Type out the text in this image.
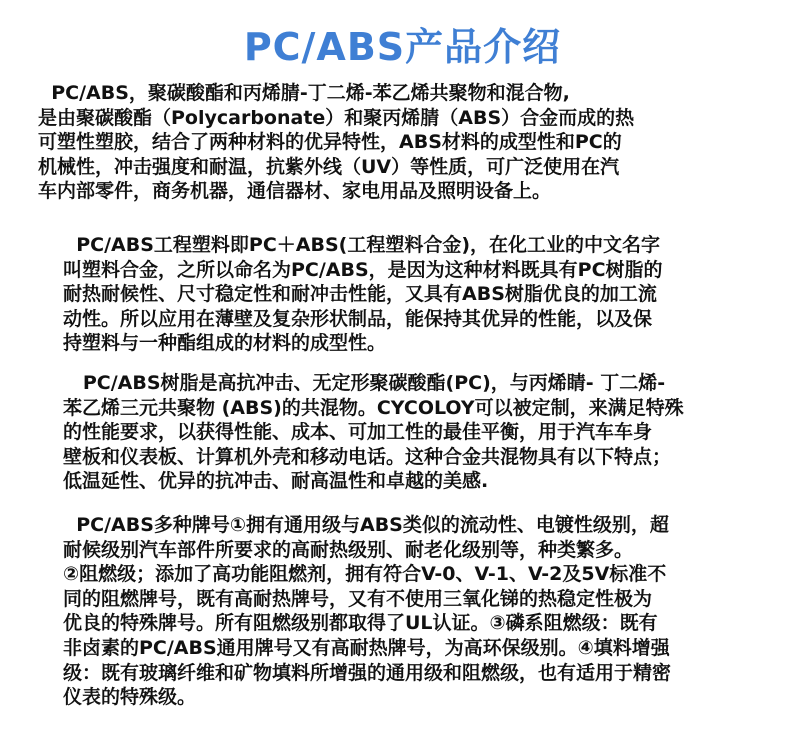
PC/ABS产品介绍
PC/ABS，聚碳酸酯和丙烯腈-丁二烯-苯乙烯共聚物和混合物,
是由聚碳酸酯（Polycarbonate）和聚丙烯腈（ABS）合金而成的热
可塑性塑胶，结合了两种材料的优异特性，ABS材料的成型性和PC的
机械性，冲击强度和耐温，抗紫外线（UV）等性质，可广泛使用在汽
车内部零件，商务机器，通信器材、家电用品及照明设备上。
PC/ABS工程塑料即PC＋ABS(工程塑料合金)，在化工业的中文名字
叫塑料合金，之所以命名为PC/ABS，是因为这种材料既具有PC树脂的
耐热耐候性、尺寸稳定性和耐冲击性能，又具有ABS树脂优良的加工流
动性。所以应用在薄壁及复杂形状制品，能保持其优异的性能，以及保
持塑料与一种酯组成的材料的成型性。
PC/ABS树脂是高抗冲击、无定形聚碳酸酯(PC)，与丙烯睛- 丁二烯-
苯乙烯三元共聚物 (ABS)的共混物。CYCOLOY可以被定制，来满足特殊
的性能要求，以获得性能、成本、可加工性的最佳平衡，用于汽车车身
壁板和仪表板、计算机外壳和移动电话。这种合金共混物具有以下特点；
低温延性、优异的抗冲击、耐高温性和卓越的美感.
PC/ABS多种牌号①拥有通用级与ABS类似的流动性、电镀性级别，超
耐候级别汽车部件所要求的高耐热级别、耐老化级别等，种类繁多。
②阻燃级；添加了高功能阻燃剂，拥有符合V-0、V-1、V-2及5V标准不
同的阻燃牌号，既有高耐热牌号，又有不使用三氧化锑的热稳定性极为
优良的特殊牌号。所有阻燃级别都取得了UL认证。③磷系阻燃级：既有
非卤素的PC/ABS通用牌号又有高耐热牌号，为高环保级别。④填料增强
级：既有玻璃纤维和矿物填料所增强的通用级和阻燃级，也有适用于精密
仪表的特殊级。
